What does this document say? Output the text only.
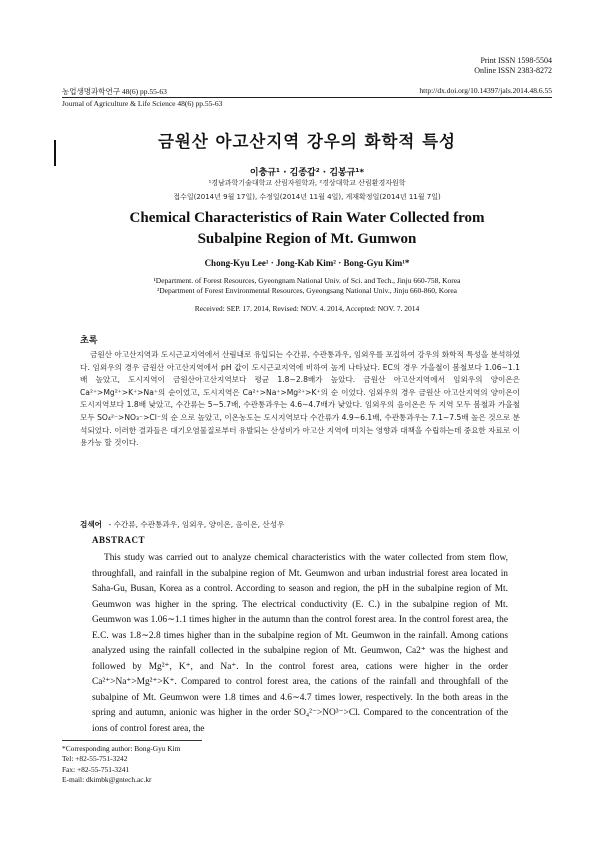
Print ISSN 1598-5504
Online ISSN 2383-8272
농업생명과학연구 48(6) pp.55-63	http://dx.doi.org/10.14397/jals.2014.48.6.55
Journal of Agriculture & Life Science 48(6) pp.55-63
금원산 아고산지역 강우의 화학적 특성
이충규¹ · 김종갑² · 김봉규¹*
¹경남과학기술대학교 산림자원학과, ²경상대학교 산림환경자원학
접수일(2014년 9월 17일), 수정일(2014년 11월 4일), 게재확정일(2014년 11월 7일)
Chemical Characteristics of Rain Water Collected from
Subalpine Region of Mt. Gumwon
Chong-Kyu Lee¹ · Jong-Kab Kim² · Bong-Gyu Kim¹*
¹Department. of Forest Resources, Gyeongnam National Univ. of Sci. and Tech., Jinju 660-758, Korea
²Department of Forest Environmental Resources, Gyeongsang National Univ., Jinju 660-860, Korea
Received: SEP. 17. 2014, Revised: NOV. 4. 2014, Accepted: NOV. 7. 2014
초록
금원산 아고산지역과 도시근교지역에서 산림내로 유입되는 수간류, 수관통과우, 임외우를 포집하여 강우의 화학적 특성을 분석하였다. 임외우의 경우 금원산 아고산지역에서 pH 값이 도시근교지역에 비하여 높게 나타났다. EC의 경우 가을철이 봄철보다 1.06∼1.1배 높았고, 도시지역이 금원산아고산지역보다 평균 1.8∼2.8배가 높았다. 금원산 아고산지역에서 임외우의 양이온은 Ca²⁺>Mg²⁺>K⁺>Na⁺의 순이었고, 도시지역은 Ca²⁺>Na⁺>Mg²⁺>K⁺의 순 이었다. 임외우의 경우 금원산 아고산지역의 양이온이 도시지역보다 1.8배 낮았고, 수간류는 5∼5.7배, 수관통과우는 4.6∼4.7배가 낮았다. 임외우의 음이온은 두 지역 모두 봄철과 가을철 모두 SO₄²⁻>NO₃⁻>Cl⁻의 순 으로 높았고, 이온농도는 도시지역보다 수간류가 4.9∼6.1배, 수관통과우는 7.1∼7.5배 높은 것으로 분석되었다. 이러한 결과들은 대기오염물질로부터 유발되는 산성비가 아고산 지역에 미치는 영향과 대책을 수립하는데 중요한 자료로 이용가능 할 것이다.
검색어 - 수간류, 수관통과우, 임외우, 양이온, 음이온, 산성우
ABSTRACT
This study was carried out to analyze chemical characteristics with the water collected from stem flow, throughfall, and rainfall in the subalpine region of Mt. Geumwon and urban industrial forest area located in Saha-Gu, Busan, Korea as a control. According to season and region, the pH in the subalpine region of Mt. Geumwon was higher in the spring. The electrical conductivity (E. C.) in the subalpine region of Mt. Geumwon was 1.06∼1.1 times higher in the autumn than the control forest area. In the control forest area, the E.C. was 1.8∼2.8 times higher than in the subalpine region of Mt. Geumwon in the rainfall. Among cations analyzed using the rainfall collected in the subalpine region of Mt. Geumwon, Ca2⁺ was the highest and followed by Mg²⁺, K⁺, and Na⁺. In the control forest area, cations were higher in the order Ca²⁺>Na⁺>Mg²⁺>K⁺. Compared to control forest area, the cations of the rainfall and throughfall of the subalpine of Mt. Geumwon were 1.8 times and 4.6∼4.7 times lower, respectively. In the both areas in the spring and autumn, anionic was higher in the order SO₄²⁻>NO³⁻>Cl. Compared to the concentration of the ions of control forest area, the
*Corresponding author: Bong-Gyu Kim
Tel: +82-55-751-3242
Fax: +82-55-751-3241
E-mail: dkimbk@gntech.ac.kr
